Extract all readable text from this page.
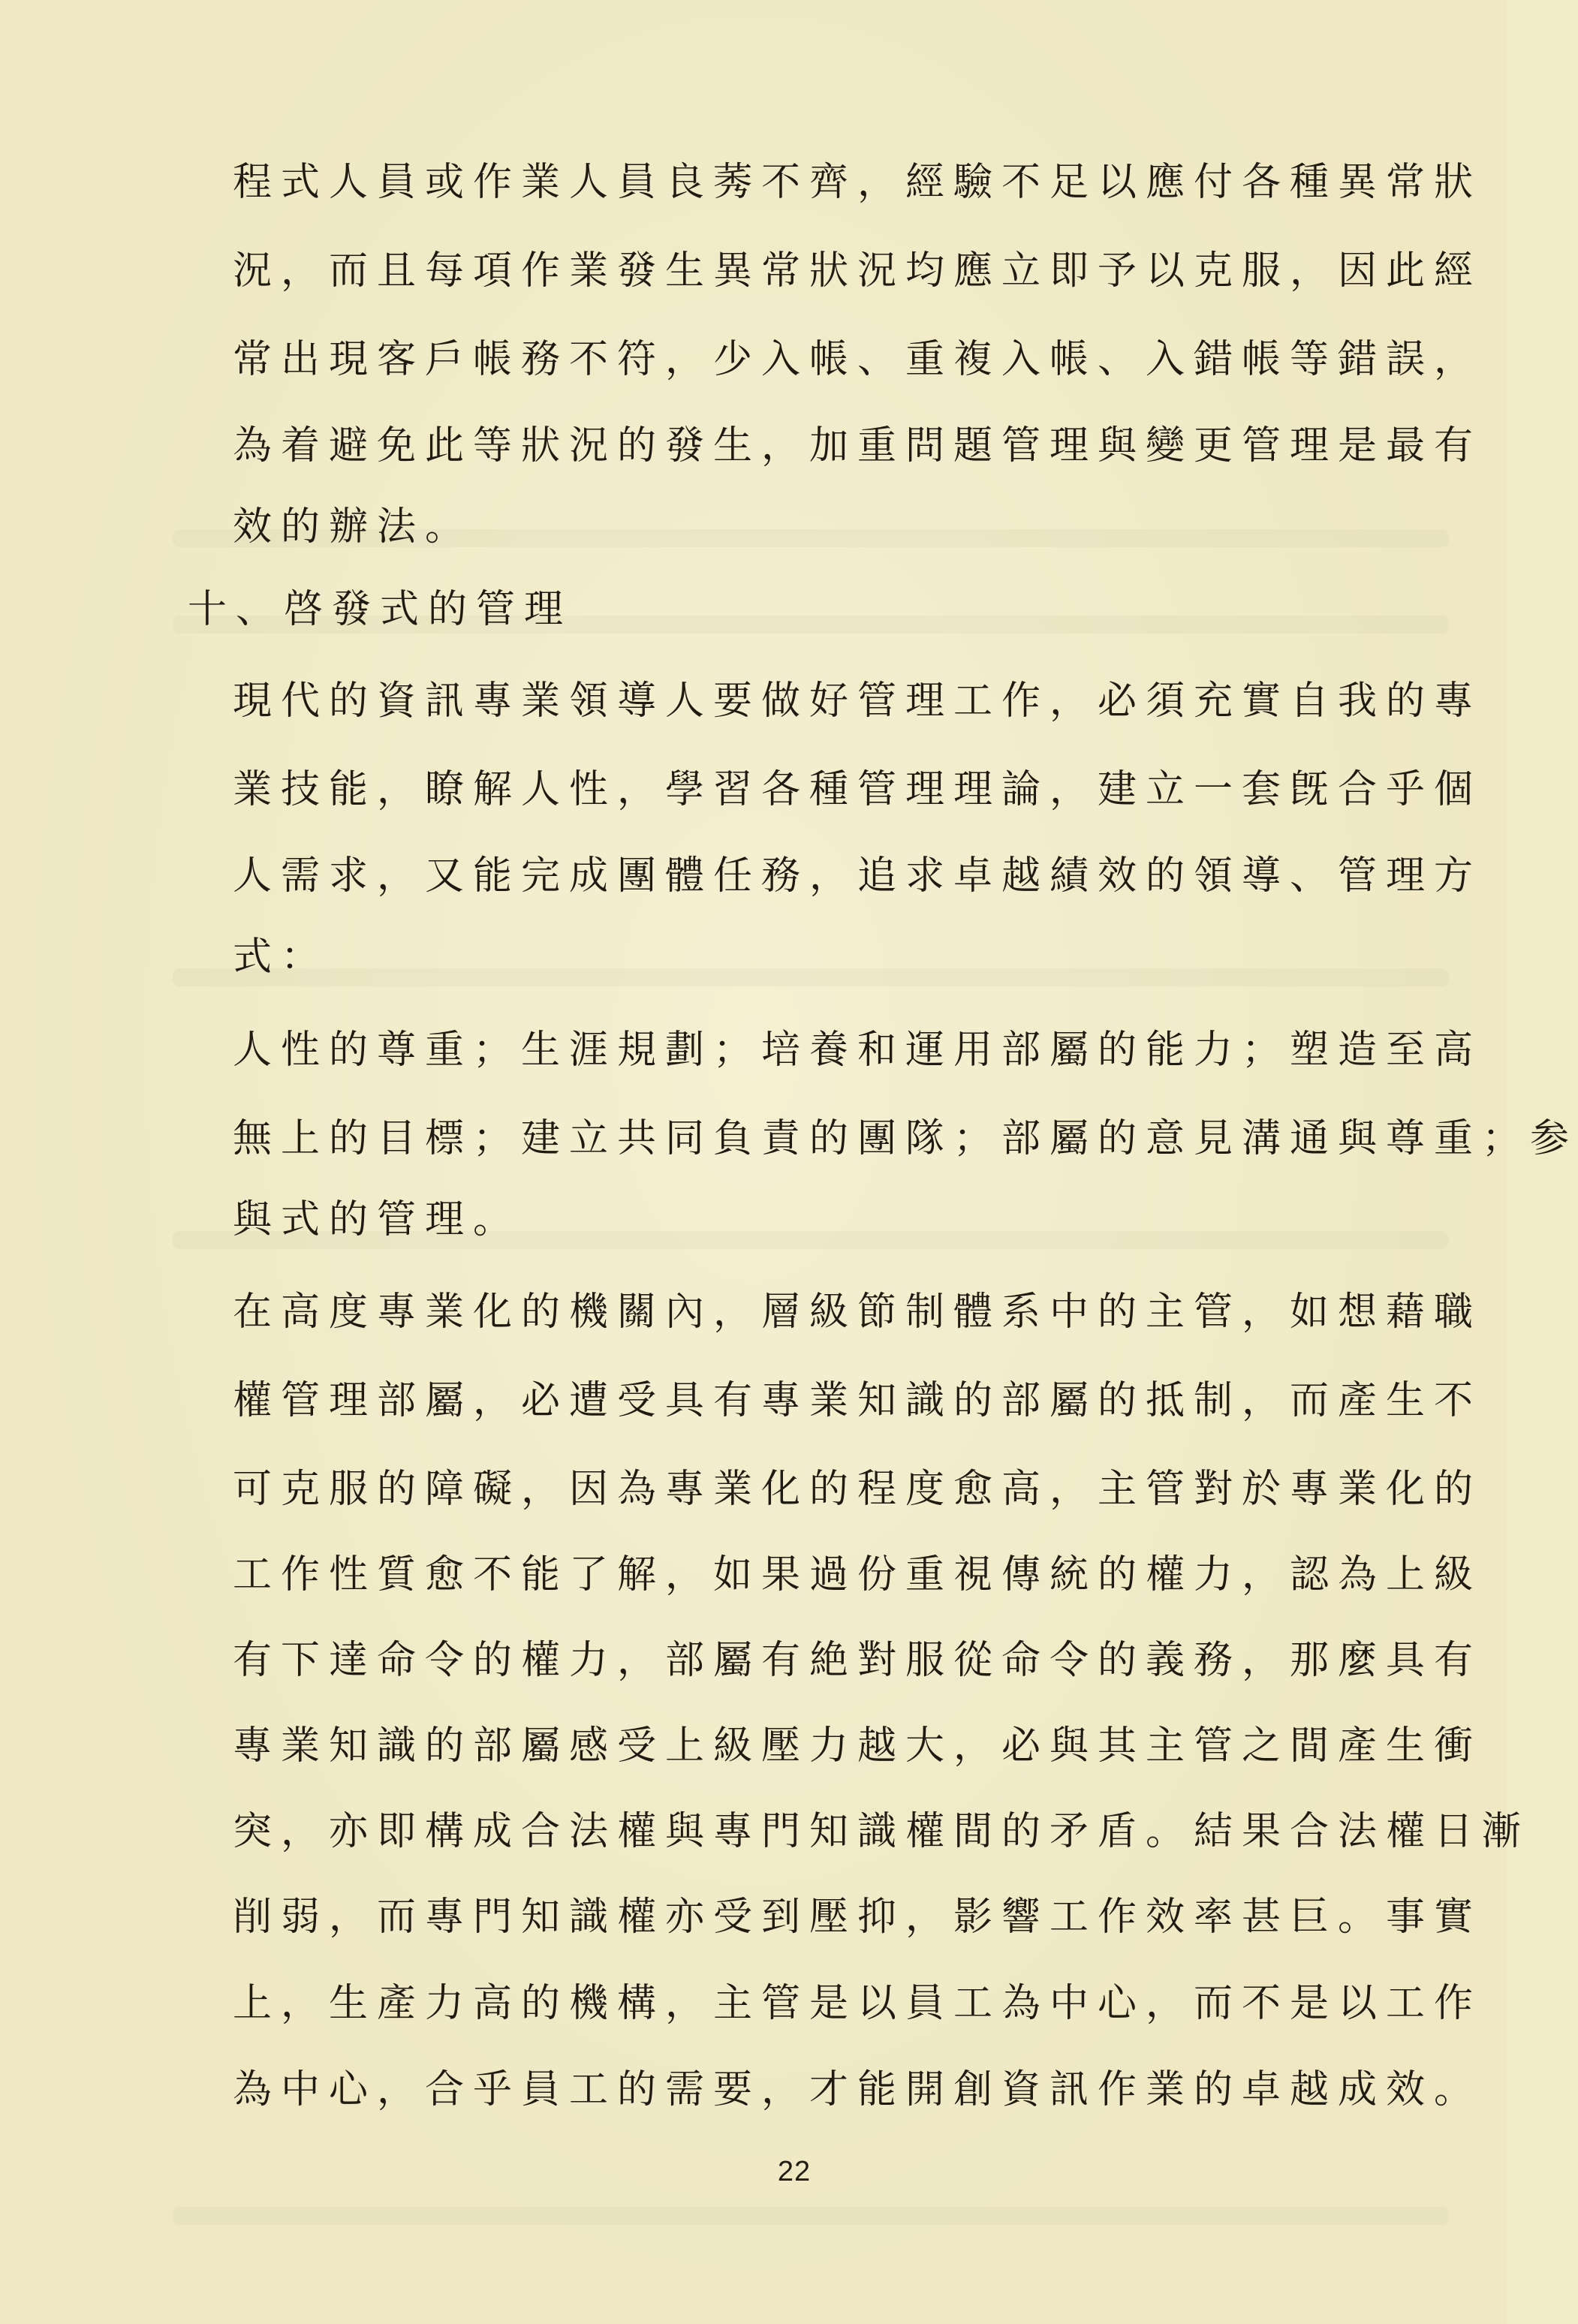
程式人員或作業人員良莠不齊，經驗不足以應付各種異常狀
況，而且每項作業發生異常狀況均應立即予以克服，因此經
常出現客戶帳務不符，少入帳、重複入帳、入錯帳等錯誤，
為着避免此等狀況的發生，加重問題管理與變更管理是最有
效的辦法。
十、啓發式的管理
現代的資訊專業領導人要做好管理工作，必須充實自我的專
業技能，瞭解人性，學習各種管理理論，建立一套旣合乎個
人需求，又能完成團體任務，追求卓越績效的領導、管理方
式：
人性的尊重；生涯規劃；培養和運用部屬的能力；塑造至高
無上的目標；建立共同負責的團隊；部屬的意見溝通與尊重；参
與式的管理。
在高度專業化的機關內，層級節制體系中的主管，如想藉職
權管理部屬，必遭受具有專業知識的部屬的抵制，而產生不
可克服的障礙，因為專業化的程度愈高，主管對於專業化的
工作性質愈不能了解，如果過份重視傳統的權力，認為上級
有下達命令的權力，部屬有絶對服從命令的義務，那麼具有
專業知識的部屬感受上級壓力越大，必與其主管之間產生衝
突，亦即構成合法權與專門知識權間的矛盾。結果合法權日漸
削弱，而專門知識權亦受到壓抑，影響工作效率甚巨。事實
上，生產力高的機構，主管是以員工為中心，而不是以工作
為中心，合乎員工的需要，才能開創資訊作業的卓越成效。
22
